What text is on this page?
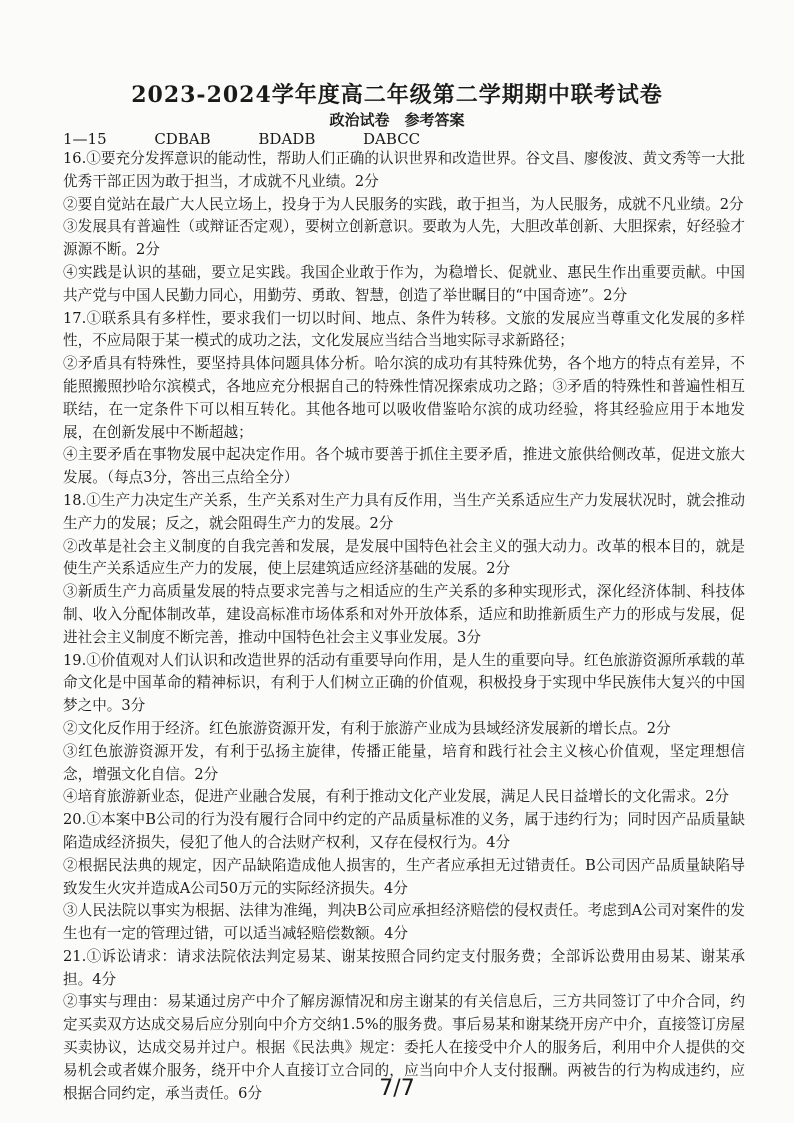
2023-2024学年度高二年级第二学期期中联考试卷
政治试卷　参考答案
1—15	CDBAB	BDADB	DABCC

16.①要充分发挥意识的能动性，帮助人们正确的认识世界和改造世界。谷文昌、廖俊波、黄文秀等一大批优秀干部正因为敢于担当，才成就不凡业绩。2分

②要自觉站在最广大人民立场上，投身于为人民服务的实践，敢于担当，为人民服务，成就不凡业绩。2分

③发展具有普遍性（或辩证否定观），要树立创新意识。要敢为人先，大胆改革创新、大胆探索，好经验才源源不断。2分

④实践是认识的基础，要立足实践。我国企业敢于作为，为稳增长、促就业、惠民生作出重要贡献。中国共产党与中国人民勤力同心，用勤劳、勇敢、智慧，创造了举世瞩目的“中国奇迹”。2分

17.①联系具有多样性，要求我们一切以时间、地点、条件为转移。文旅的发展应当尊重文化发展的多样性，不应局限于某一模式的成功之法，文化发展应当结合当地实际寻求新路径；

②矛盾具有特殊性，要坚持具体问题具体分析。哈尔滨的成功有其特殊优势，各个地方的特点有差异，不能照搬照抄哈尔滨模式，各地应充分根据自己的特殊性情况探索成功之路；③矛盾的特殊性和普遍性相互联结，在一定条件下可以相互转化。其他各地可以吸收借鉴哈尔滨的成功经验，将其经验应用于本地发展，在创新发展中不断超越；

④主要矛盾在事物发展中起决定作用。各个城市要善于抓住主要矛盾，推进文旅供给侧改革，促进文旅大发展。（每点3分，答出三点给全分）

18.①生产力决定生产关系，生产关系对生产力具有反作用，当生产关系适应生产力发展状况时，就会推动生产力的发展；反之，就会阻碍生产力的发展。2分

②改革是社会主义制度的自我完善和发展，是发展中国特色社会主义的强大动力。改革的根本目的，就是使生产关系适应生产力的发展，使上层建筑适应经济基础的发展。2分

③新质生产力高质量发展的特点要求完善与之相适应的生产关系的多种实现形式，深化经济体制、科技体制、收入分配体制改革，建设高标准市场体系和对外开放体系，适应和助推新质生产力的形成与发展，促进社会主义制度不断完善，推动中国特色社会主义事业发展。3分

19.①价值观对人们认识和改造世界的活动有重要导向作用，是人生的重要向导。红色旅游资源所承载的革命文化是中国革命的精神标识，有利于人们树立正确的价值观，积极投身于实现中华民族伟大复兴的中国梦之中。3分

②文化反作用于经济。红色旅游资源开发，有利于旅游产业成为县域经济发展新的增长点。2分

③红色旅游资源开发，有利于弘扬主旋律，传播正能量，培育和践行社会主义核心价值观，坚定理想信念，增强文化自信。2分

④培育旅游新业态，促进产业融合发展，有利于推动文化产业发展，满足人民日益增长的文化需求。2分

20.①本案中B公司的行为没有履行合同中约定的产品质量标准的义务，属于违约行为；同时因产品质量缺陷造成经济损失，侵犯了他人的合法财产权利，又存在侵权行为。4分

②根据民法典的规定，因产品缺陷造成他人损害的，生产者应承担无过错责任。B公司因产品质量缺陷导致发生火灾并造成A公司50万元的实际经济损失。4分

③人民法院以事实为根据、法律为准绳，判决B公司应承担经济赔偿的侵权责任。考虑到A公司对案件的发生也有一定的管理过错，可以适当减轻赔偿数额。4分

21.①诉讼请求：请求法院依法判定易某、谢某按照合同约定支付服务费；全部诉讼费用由易某、谢某承担。4分

②事实与理由：易某通过房产中介了解房源情况和房主谢某的有关信息后，三方共同签订了中介合同，约定买卖双方达成交易后应分别向中介方交纳1.5%的服务费。事后易某和谢某绕开房产中介，直接签订房屋买卖协议，达成交易并过户。根据《民法典》规定：委托人在接受中介人的服务后，利用中介人提供的交易机会或者媒介服务，绕开中介人直接订立合同的，应当向中介人支付报酬。两被告的行为构成违约，应根据合同约定，承当责任。6分	7/7
